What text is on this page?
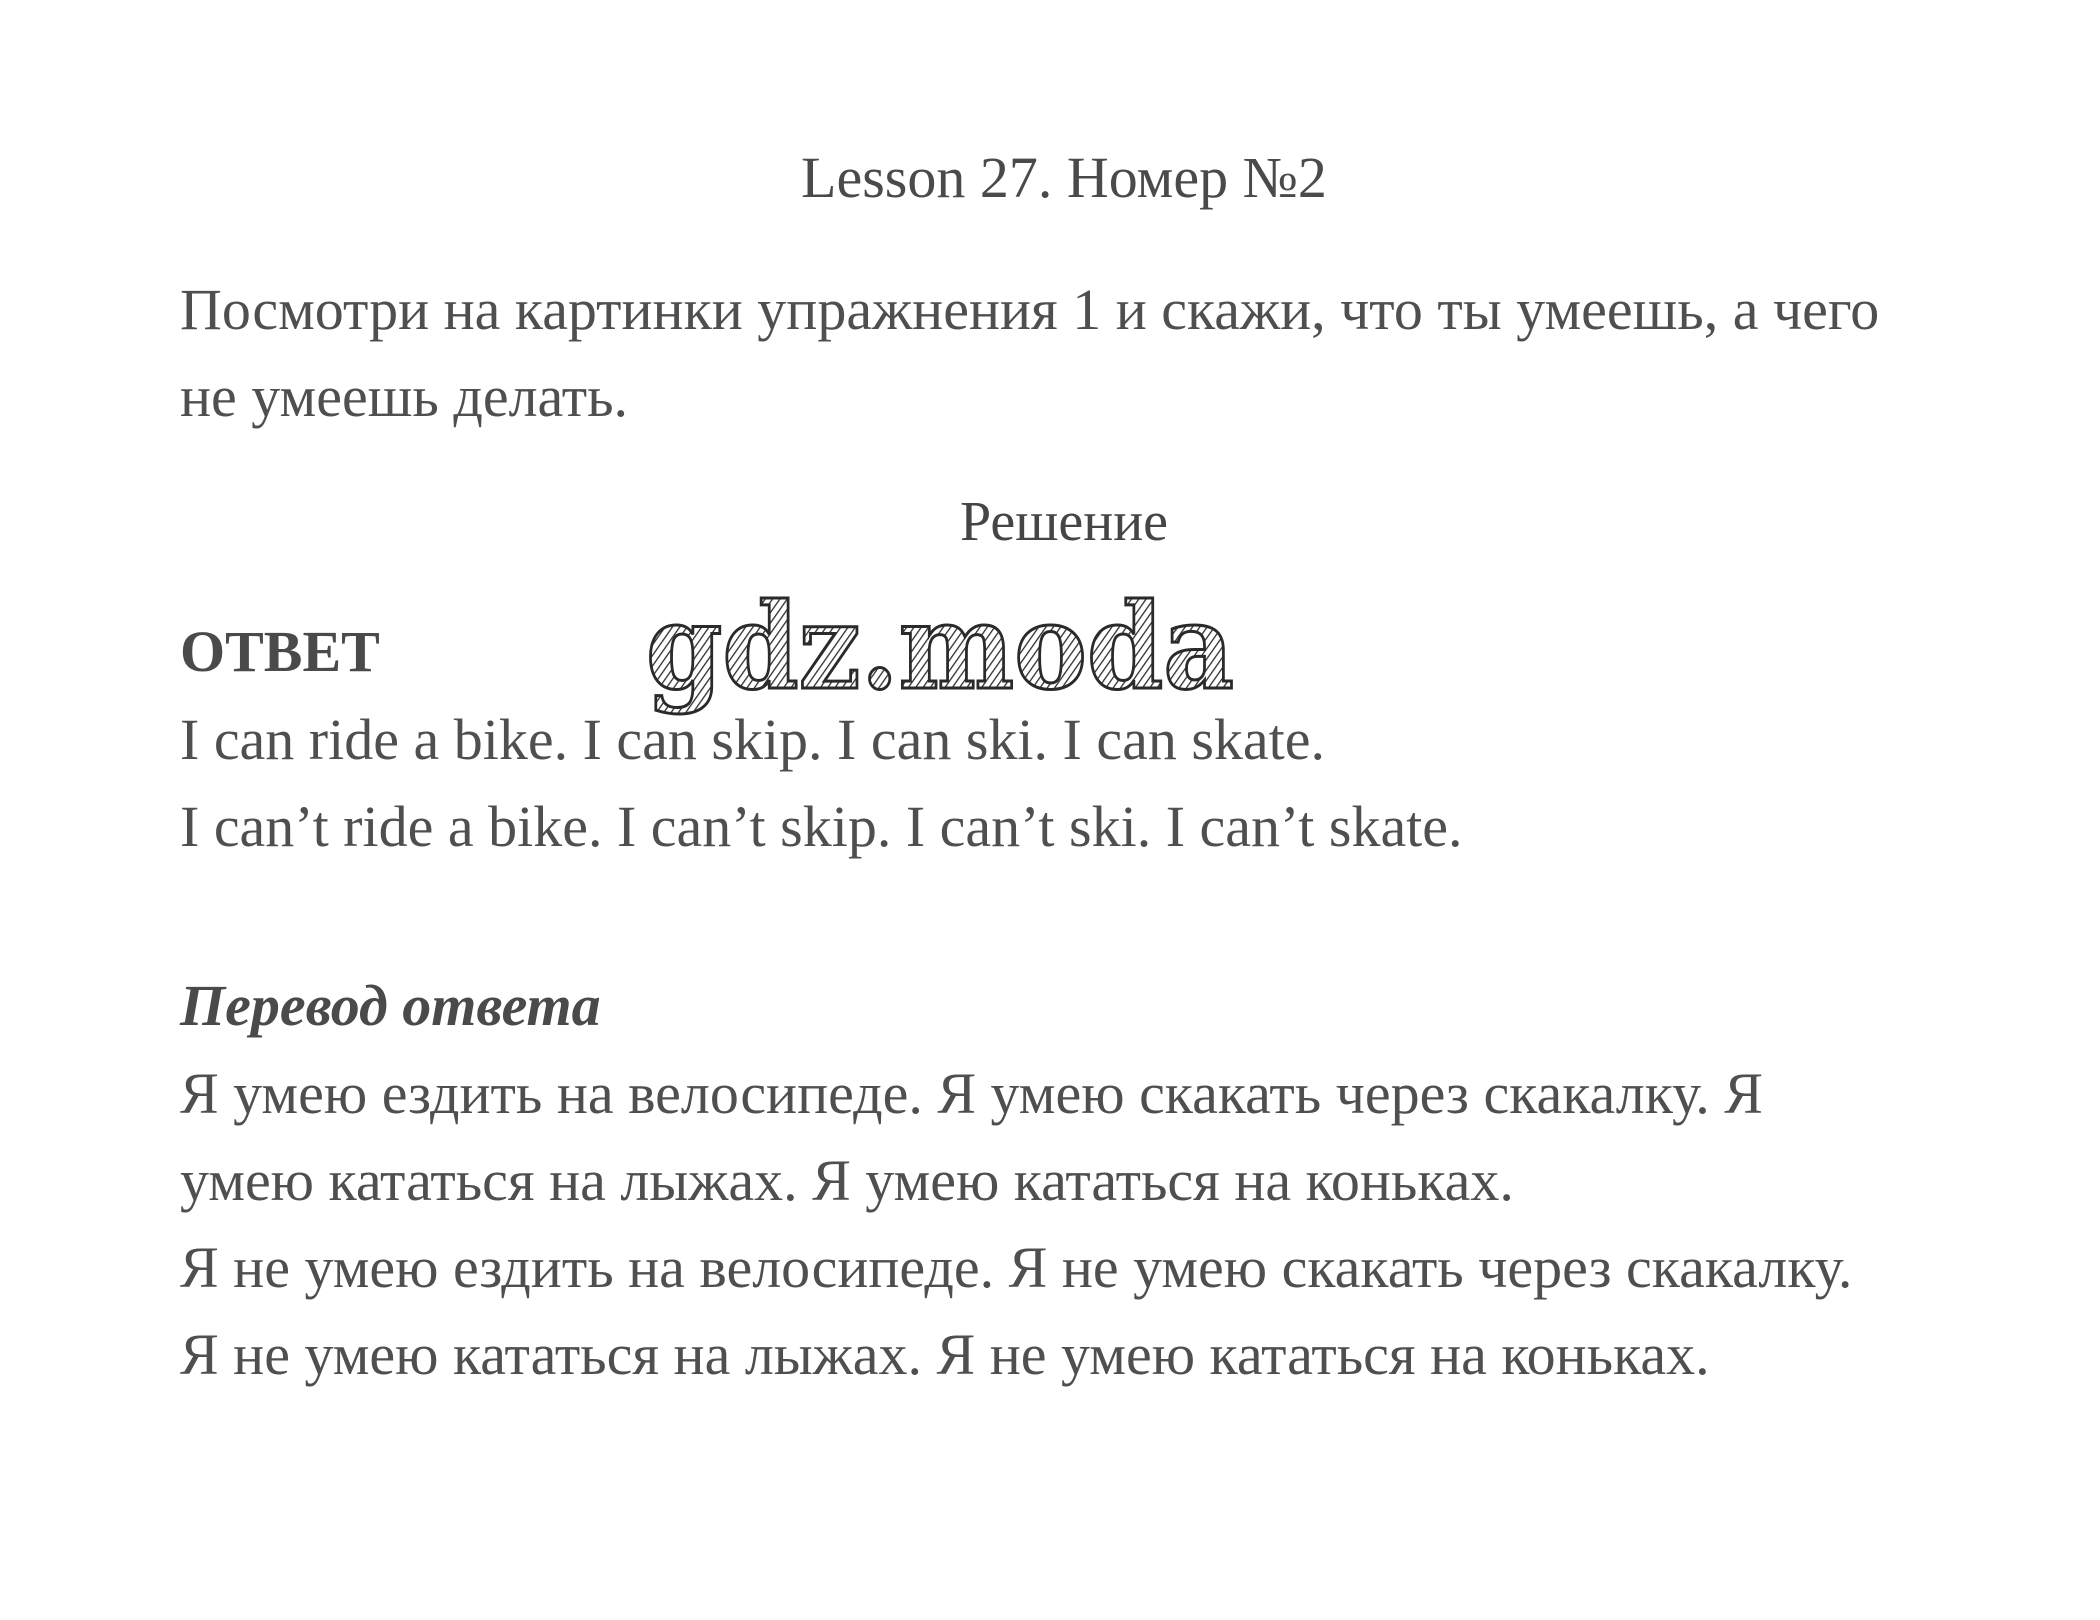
Lesson 27. Номер №2
Посмотри на картинки упражнения 1 и скажи, что ты умеешь, а чего
не умеешь делать.
Решение
ОТВЕТ gdz.moda
I can ride a bike. I can skip. I can ski. I can skate.
I can’t ride a bike. I can’t skip. I can’t ski. I can’t skate.
Перевод ответа
Я умею ездить на велосипеде. Я умею скакать через скакалку. Я
умею кататься на лыжах. Я умею кататься на коньках.
Я не умею ездить на велосипеде. Я не умею скакать через скакалку.
Я не умею кататься на лыжах. Я не умею кататься на коньках.
